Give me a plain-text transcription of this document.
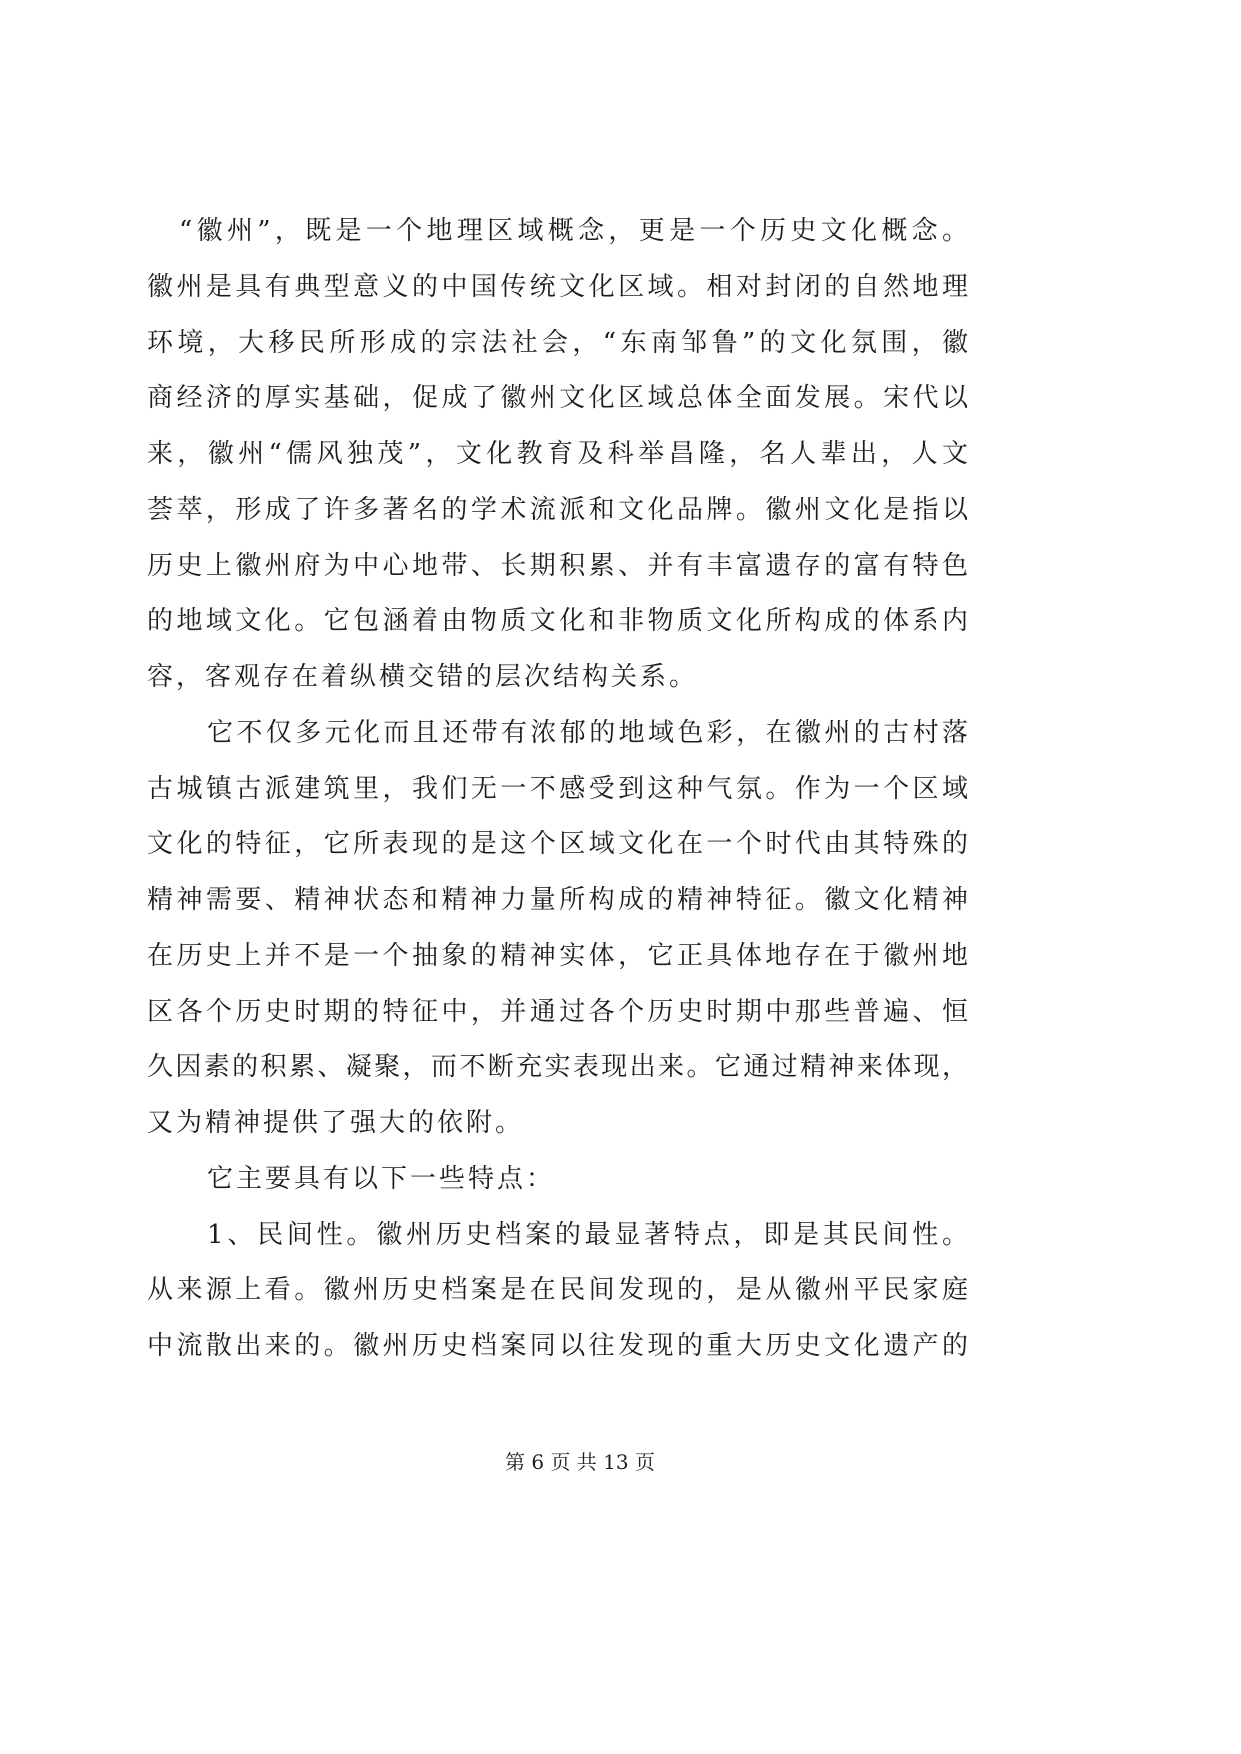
“徽州”，既是一个地理区域概念，更是一个历史文化概念。
徽州是具有典型意义的中国传统文化区域。相对封闭的自然地理
环境，大移民所形成的宗法社会，“东南邹鲁”的文化氛围，徽
商经济的厚实基础，促成了徽州文化区域总体全面发展。宋代以
来，徽州“儒风独茂”，文化教育及科举昌隆，名人辈出，人文
荟萃，形成了许多著名的学术流派和文化品牌。徽州文化是指以
历史上徽州府为中心地带、长期积累、并有丰富遗存的富有特色
的地域文化。它包涵着由物质文化和非物质文化所构成的体系内
容，客观存在着纵横交错的层次结构关系。
它不仅多元化而且还带有浓郁的地域色彩，在徽州的古村落
古城镇古派建筑里，我们无一不感受到这种气氛。作为一个区域
文化的特征，它所表现的是这个区域文化在一个时代由其特殊的
精神需要、精神状态和精神力量所构成的精神特征。徽文化精神
在历史上并不是一个抽象的精神实体，它正具体地存在于徽州地
区各个历史时期的特征中，并通过各个历史时期中那些普遍、恒
久因素的积累、凝聚，而不断充实表现出来。它通过精神来体现，
又为精神提供了强大的依附。
它主要具有以下一些特点：
1、民间性。徽州历史档案的最显著特点，即是其民间性。
从来源上看。徽州历史档案是在民间发现的，是从徽州平民家庭
中流散出来的。徽州历史档案同以往发现的重大历史文化遗产的
第 6 页 共 13 页
